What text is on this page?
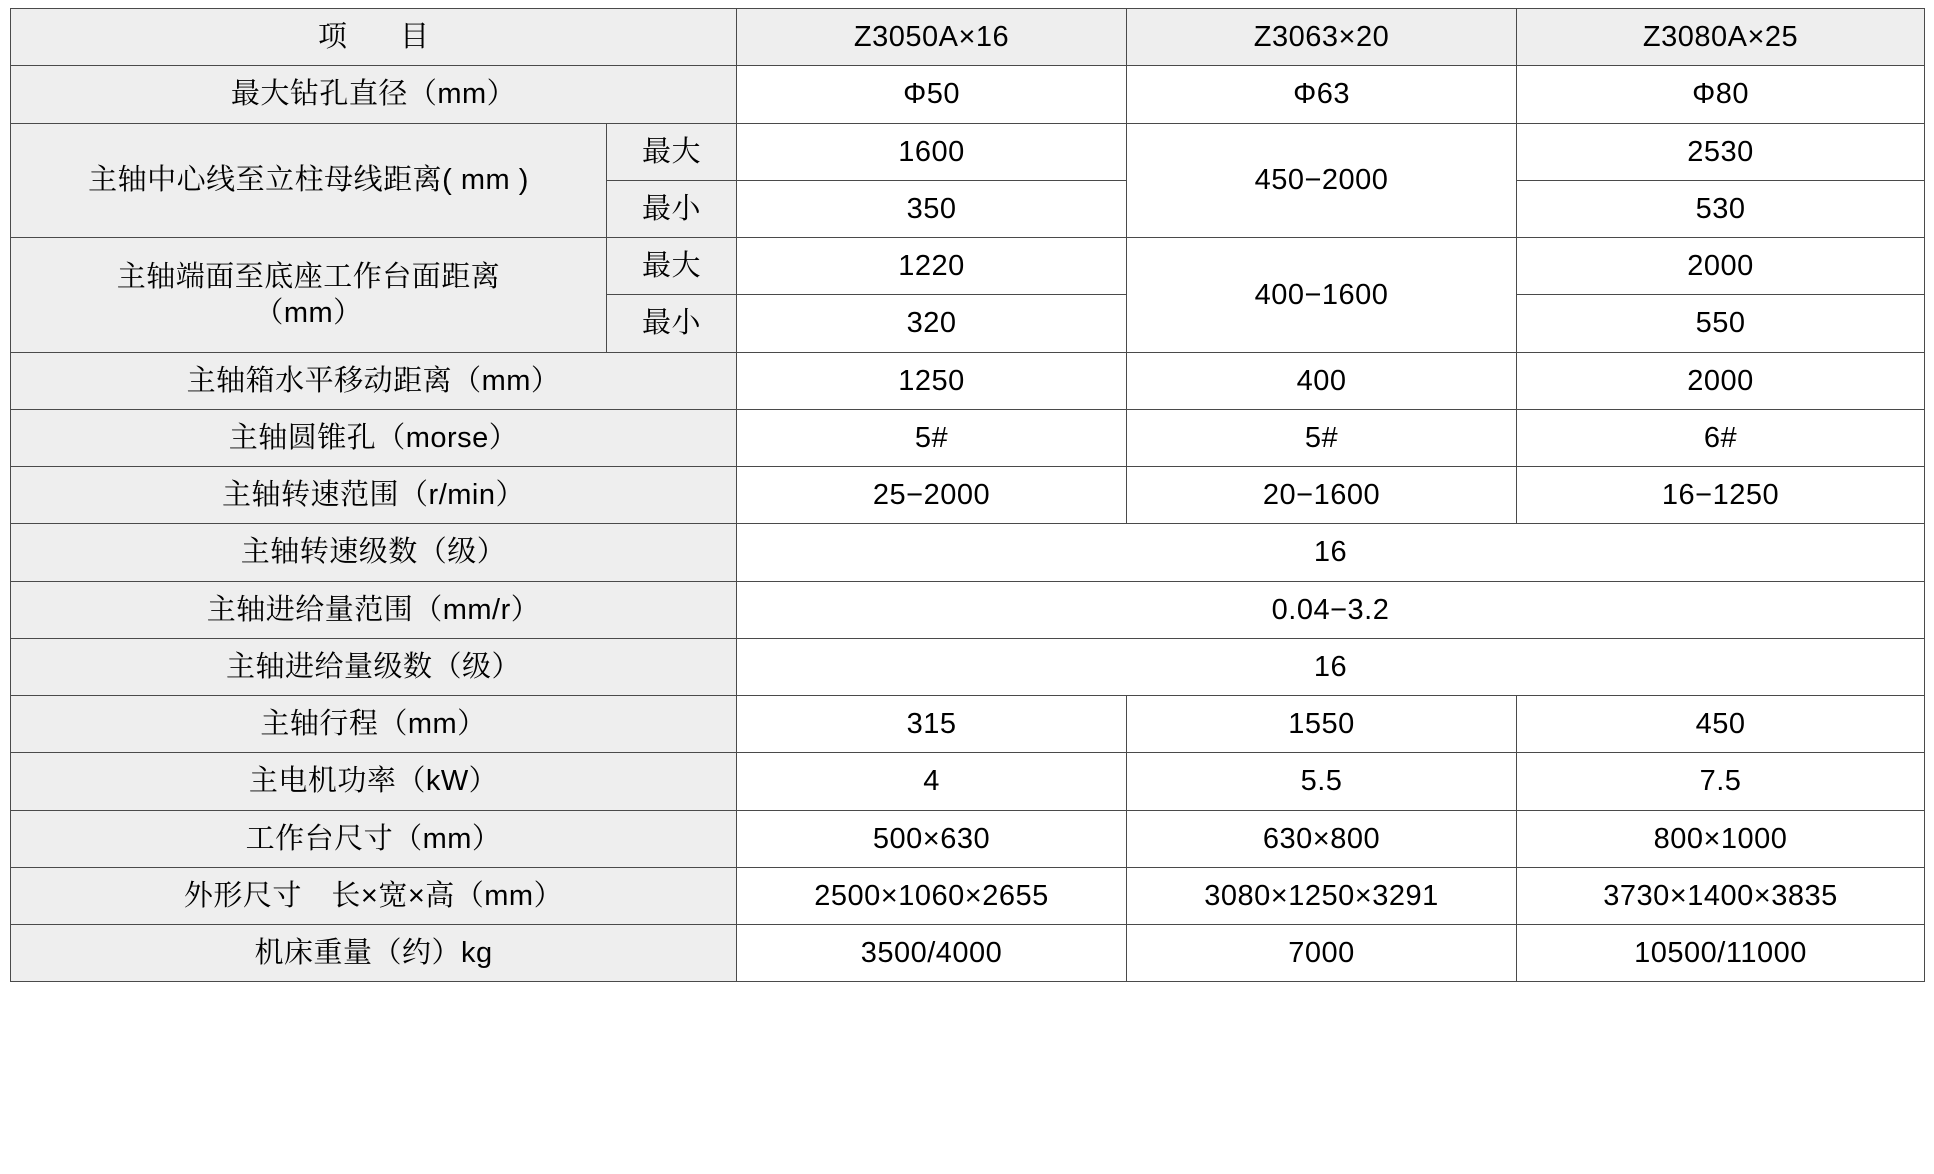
项　目		Z3050A×16	Z3063×20	Z3080A×25
最大钻孔直径（mm）		Φ50	Φ63	Φ80
主轴中心线至立柱母线距离( mm )	最大	1600	450−2000	2530
	最小	350		530

主轴端面至底座工作台面距离
（mm）	最大	1220	400−1600	2000
	最小	320		550
主轴箱水平移动距离（mm）		1250	400	2000
主轴圆锥孔（morse）		5#	5#	6#
主轴转速范围（r/min）		25−2000	20−1600	16−1250
主轴转速级数（级）		16		
主轴进给量范围（mm/r）		0.04−3.2		
主轴进给量级数（级）		16		
主轴行程（mm）		315	1550	450
主电机功率（kW）		4	5.5	7.5
工作台尺寸（mm）		500×630	630×800	800×1000
外形尺寸　长×宽×高（mm）		2500×1060×2655	3080×1250×3291	3730×1400×3835
机床重量（约）kg		3500/4000	7000	10500/11000
